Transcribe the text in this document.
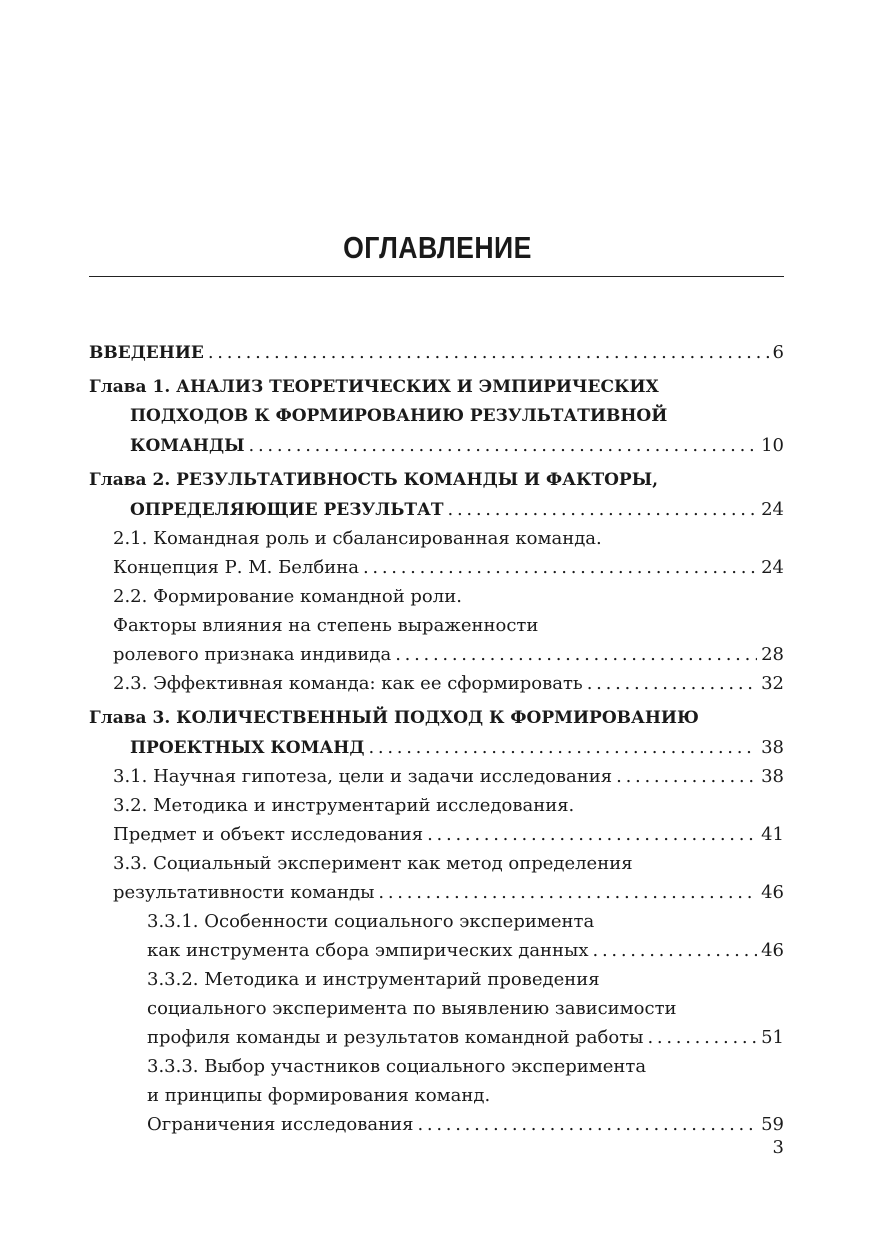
ОГЛАВЛЕНИЕ
ВВЕДЕНИЕ . . .	6
Глава 1. АНАЛИЗ ТЕОРЕТИЧЕСКИХ И ЭМПИРИЧЕСКИХ
ПОДХОДОВ К ФОРМИРОВАНИЮ РЕЗУЛЬТАТИВНОЙ
КОМАНДЫ . . .	10
Глава 2. РЕЗУЛЬТАТИВНОСТЬ КОМАНДЫ И ФАКТОРЫ,
ОПРЕДЕЛЯЮЩИЕ РЕЗУЛЬТАТ . . .	24
2.1. Командная роль и сбалансированная команда.
Концепция Р. М. Белбина . . .	24
2.2. Формирование командной роли.
Факторы влияния на степень выраженности
ролевого признака индивида . . .	28
2.3. Эффективная команда: как ее сформировать . . .	32
Глава 3. КОЛИЧЕСТВЕННЫЙ ПОДХОД К ФОРМИРОВАНИЮ
ПРОЕКТНЫХ КОМАНД . . .	38
3.1. Научная гипотеза, цели и задачи исследования . . .	38
3.2. Методика и инструментарий исследования.
Предмет и объект исследования . . .	41
3.3. Социальный эксперимент как метод определения
результативности команды . . .	46
3.3.1. Особенности социального эксперимента
как инструмента сбора эмпирических данных . . .	46
3.3.2. Методика и инструментарий проведения
социального эксперимента по выявлению зависимости
профиля команды и результатов командной работы . . .	51
3.3.3. Выбор участников социального эксперимента
и принципы формирования команд.
Ограничения исследования . . .	59
3
